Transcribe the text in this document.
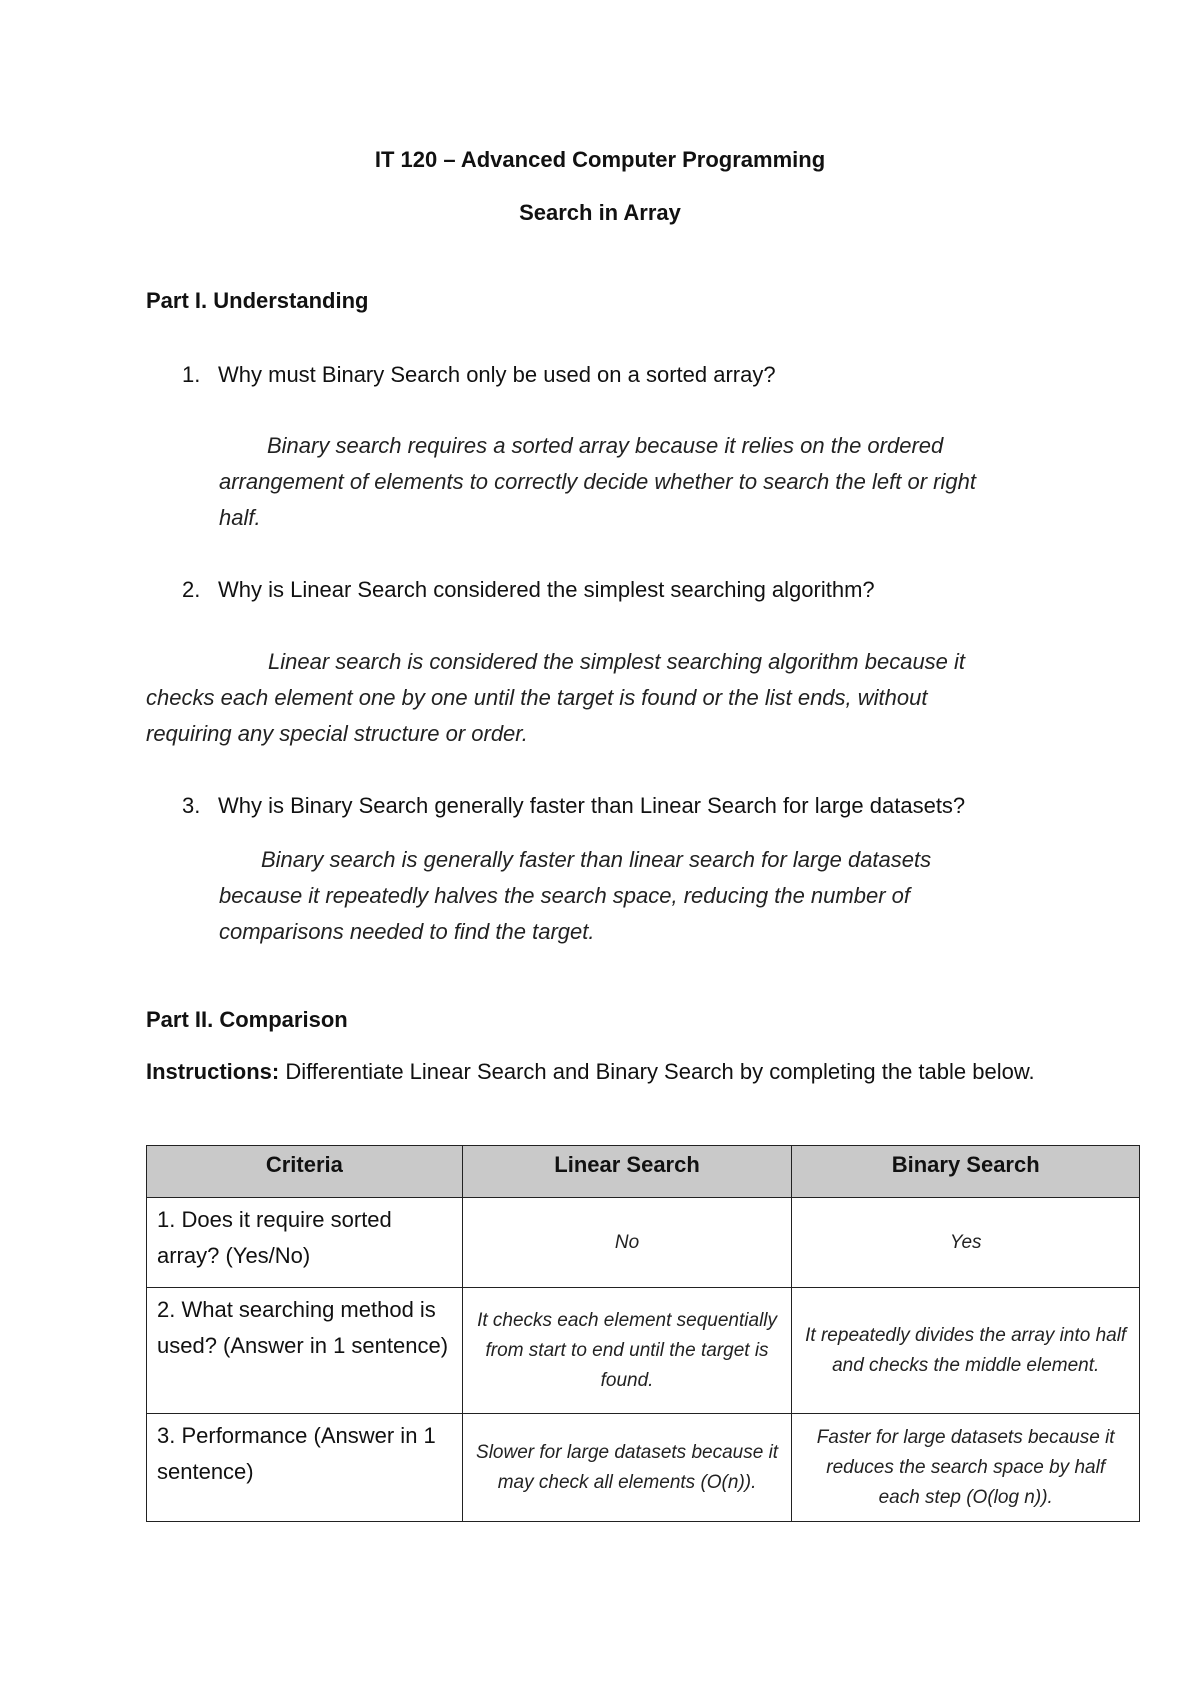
IT 120 – Advanced Computer Programming
Search in Array
Part I. Understanding
1. Why must Binary Search only be used on a sorted array?
Binary search requires a sorted array because it relies on the ordered
arrangement of elements to correctly decide whether to search the left or right
half.
2. Why is Linear Search considered the simplest searching algorithm?
Linear search is considered the simplest searching algorithm because it
checks each element one by one until the target is found or the list ends, without
requiring any special structure or order.
3. Why is Binary Search generally faster than Linear Search for large datasets?
Binary search is generally faster than linear search for large datasets
because it repeatedly halves the search space, reducing the number of
comparisons needed to find the target.
Part II. Comparison
Instructions: Differentiate Linear Search and Binary Search by completing the table below.
Criteria	Linear Search	Binary Search
1. Does it require sorted array? (Yes/No)	No	Yes
2. What searching method is used? (Answer in 1 sentence)	It checks each element sequentially from start to end until the target is found.	It repeatedly divides the array into half and checks the middle element.
3. Performance (Answer in 1 sentence)	Slower for large datasets because it may check all elements (O(n)).	Faster for large datasets because it reduces the search space by half each step (O(log n)).
